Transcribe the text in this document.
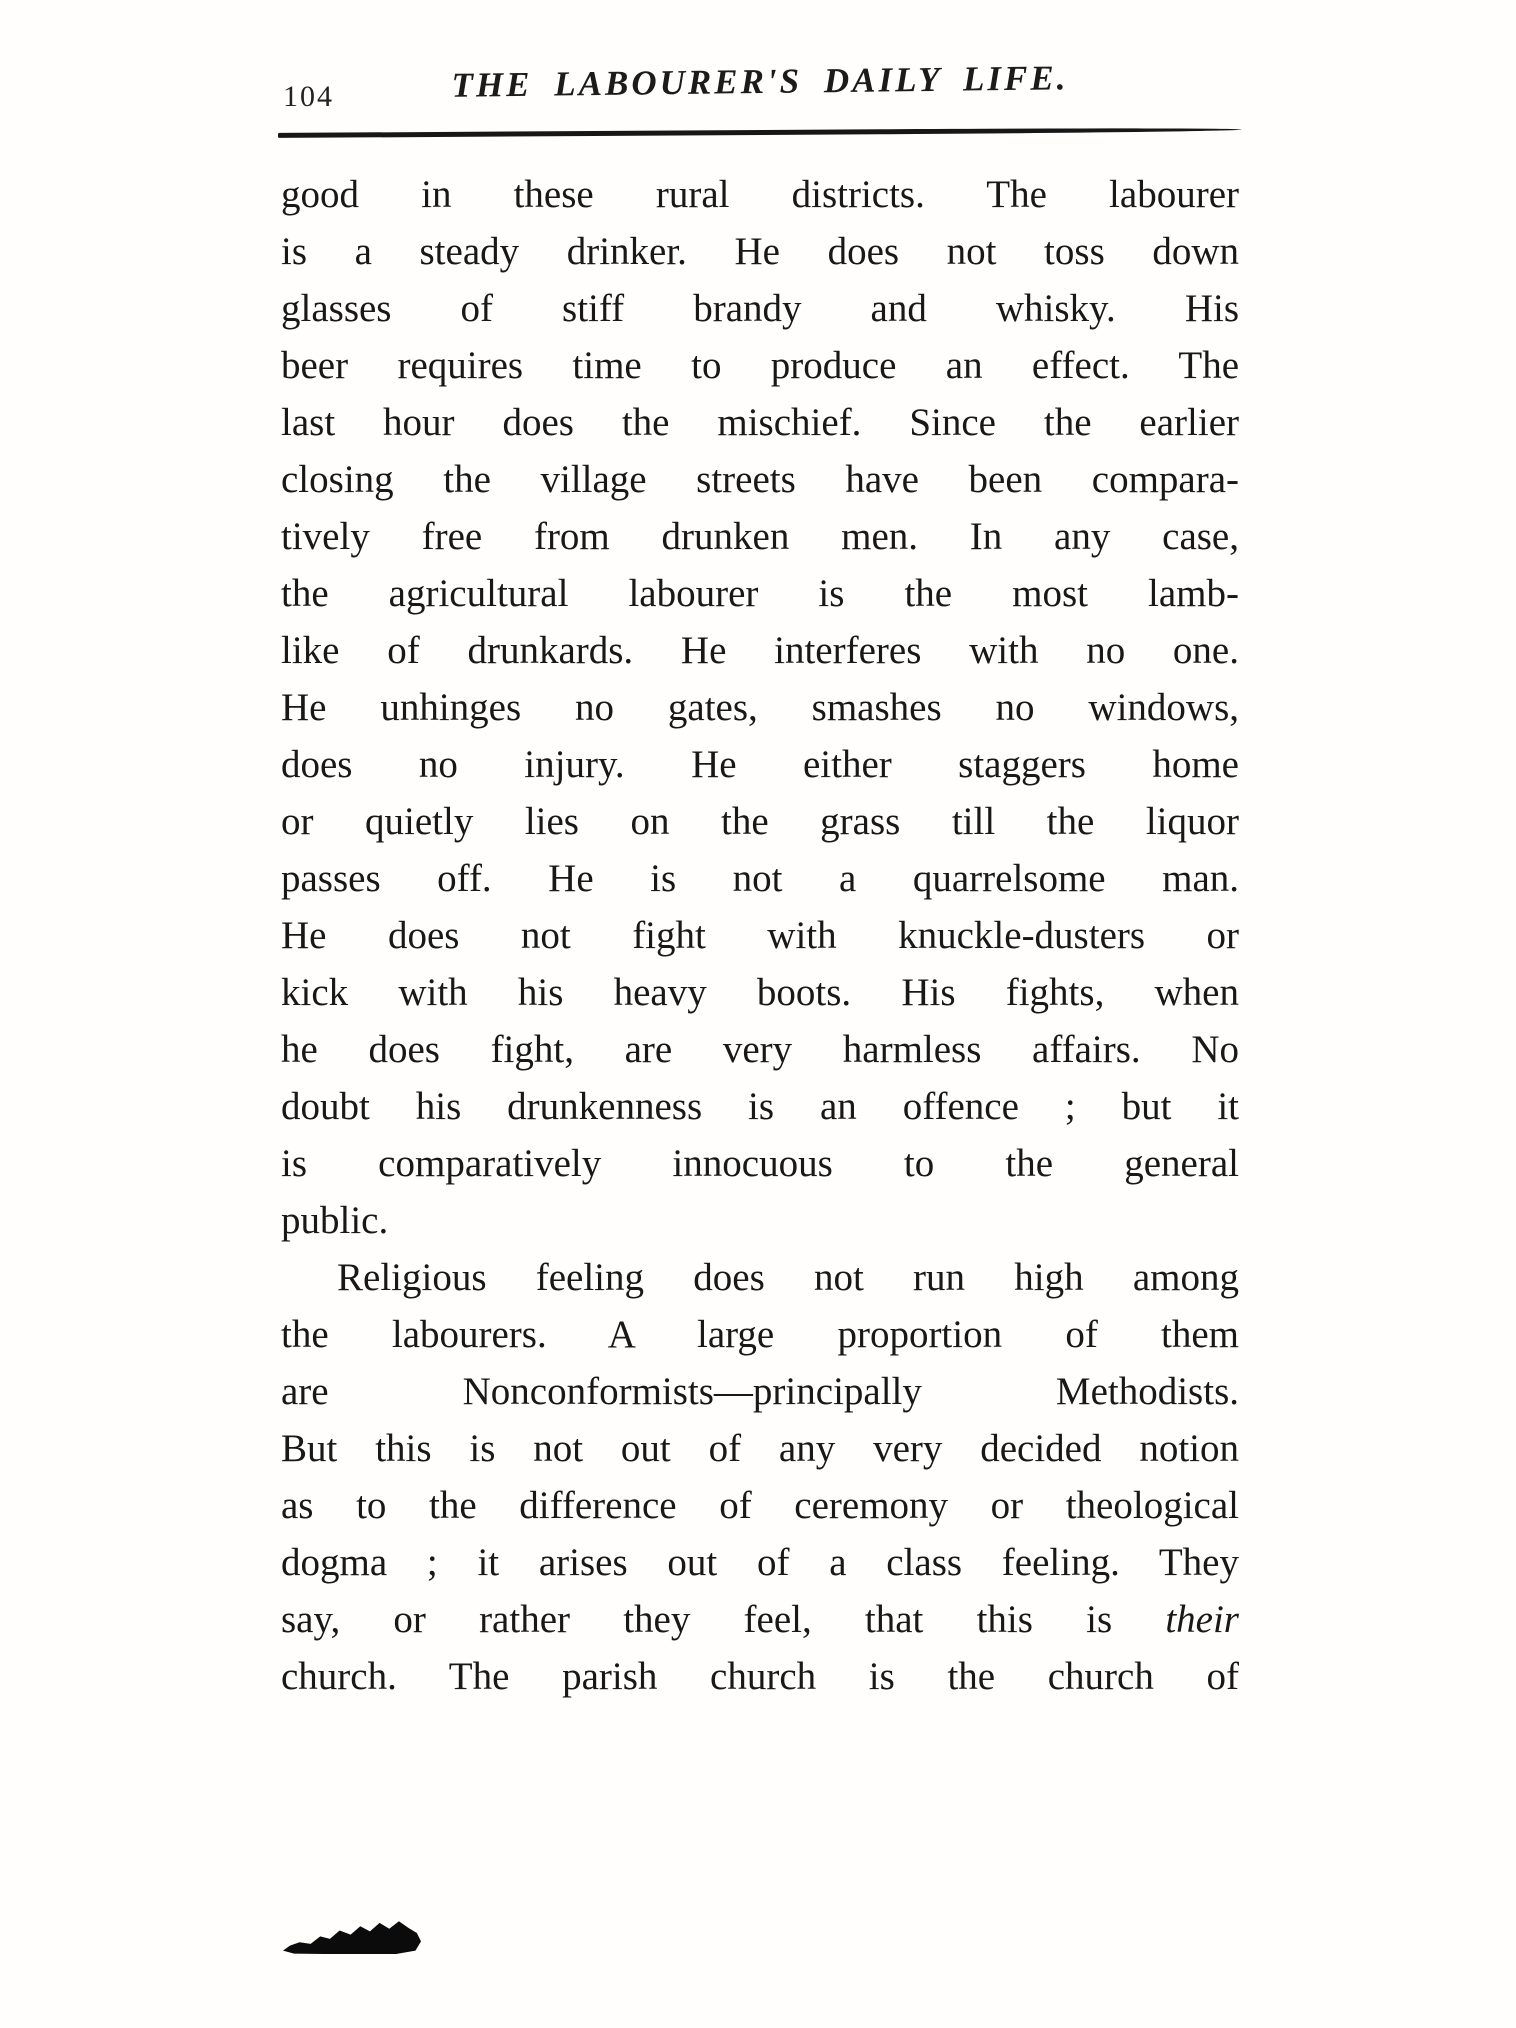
104	THE LABOURER'S DAILY LIFE.
good in these rural districts. The labourer
is a steady drinker. He does not toss down
glasses of stiff brandy and whisky. His
beer requires time to produce an effect. The
last hour does the mischief. Since the earlier
closing the village streets have been compara-
tively free from drunken men. In any case,
the agricultural labourer is the most lamb-
like of drunkards. He interferes with no one.
He unhinges no gates, smashes no windows,
does no injury. He either staggers home
or quietly lies on the grass till the liquor
passes off. He is not a quarrelsome man.
He does not fight with knuckle-dusters or
kick with his heavy boots. His fights, when
he does fight, are very harmless affairs. No
doubt his drunkenness is an offence ; but it
is comparatively innocuous to the general
public.
Religious feeling does not run high among
the labourers. A large proportion of them
are Nonconformists—principally Methodists.
But this is not out of any very decided notion
as to the difference of ceremony or theological
dogma ; it arises out of a class feeling. They
say, or rather they feel, that this is their
church. The parish church is the church of
